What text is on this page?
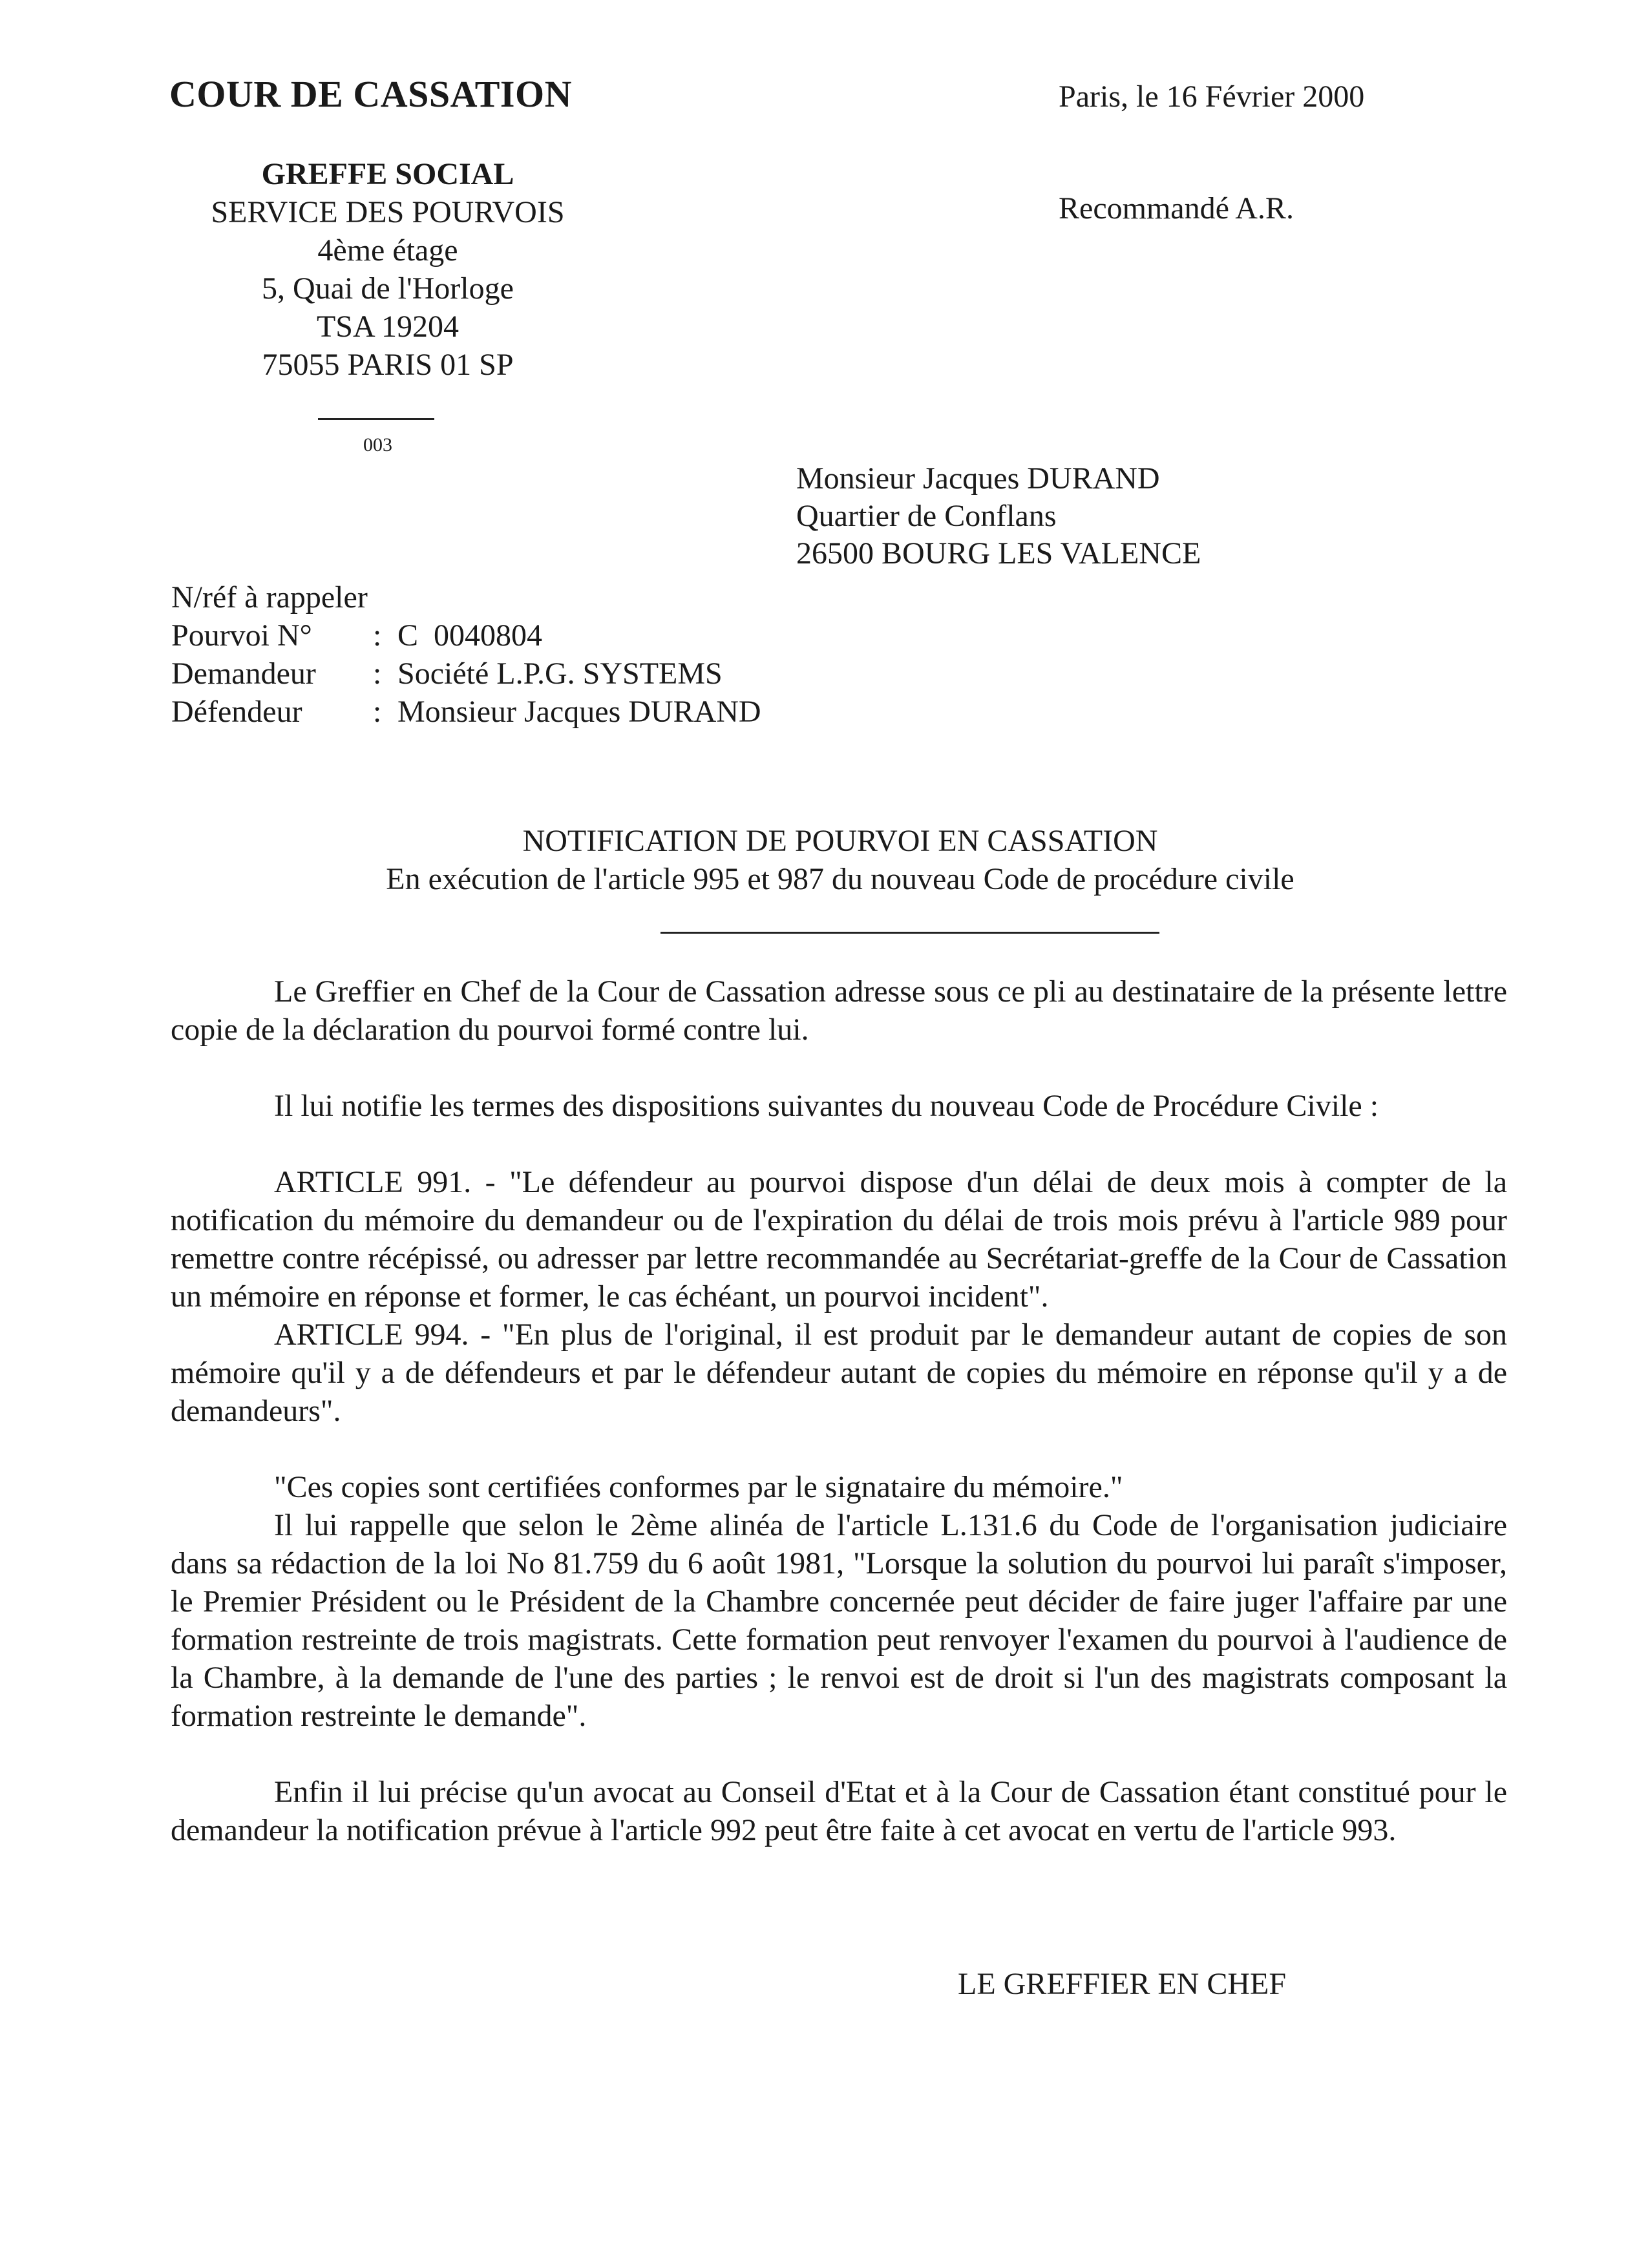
COUR DE CASSATION
GREFFE SOCIAL
SERVICE DES POURVOIS
4ème étage
5, Quai de l'Horloge
TSA 19204
75055 PARIS 01 SP
003
Paris, le 16 Février 2000
Recommandé A.R.
Monsieur Jacques DURAND
Quartier de Conflans
26500 BOURG LES VALENCE
N/réf à rappeler
Pourvoi N° : C  0040804
Demandeur : Société L.P.G. SYSTEMS
Défendeur : Monsieur Jacques DURAND
NOTIFICATION DE POURVOI EN CASSATION
En exécution de l'article 995 et 987 du nouveau Code de procédure civile

Le Greffier en Chef de la Cour de Cassation adresse sous ce pli au destinataire de la présente lettre copie de la déclaration du pourvoi formé contre lui.

Il lui notifie les termes des dispositions suivantes du nouveau Code de Procédure Civile :

ARTICLE 991. - "Le défendeur au pourvoi dispose d'un délai de deux mois à compter de la notification du mémoire du demandeur ou de l'expiration du délai de trois mois prévu à l'article 989 pour remettre contre récépissé, ou adresser par lettre recommandée au Secrétariat-greffe de la Cour de Cassation un mémoire en réponse et former, le cas échéant, un pourvoi incident".

ARTICLE 994. - "En plus de l'original, il est produit par le demandeur autant de copies de son mémoire qu'il y a de défendeurs et par le défendeur autant de copies du mémoire en réponse qu'il y a de demandeurs".

"Ces copies sont certifiées conformes par le signataire du mémoire."

Il lui rappelle que selon le 2ème alinéa de l'article L.131.6 du Code de l'organisation judiciaire dans sa rédaction de la loi No 81.759 du 6 août 1981, "Lorsque la solution du pourvoi lui paraît s'imposer, le Premier Président ou le Président de la Chambre concernée peut décider de faire juger l'affaire par une formation restreinte de trois magistrats. Cette formation peut renvoyer l'examen du pourvoi à l'audience de la Chambre, à la demande de l'une des parties ; le renvoi est de droit si l'un des magistrats composant la formation restreinte le demande".

Enfin il lui précise qu'un avocat au Conseil d'Etat et à la Cour de Cassation étant constitué pour le demandeur la notification prévue à l'article 992 peut être faite à cet avocat en vertu de l'article 993.

LE GREFFIER EN CHEF
